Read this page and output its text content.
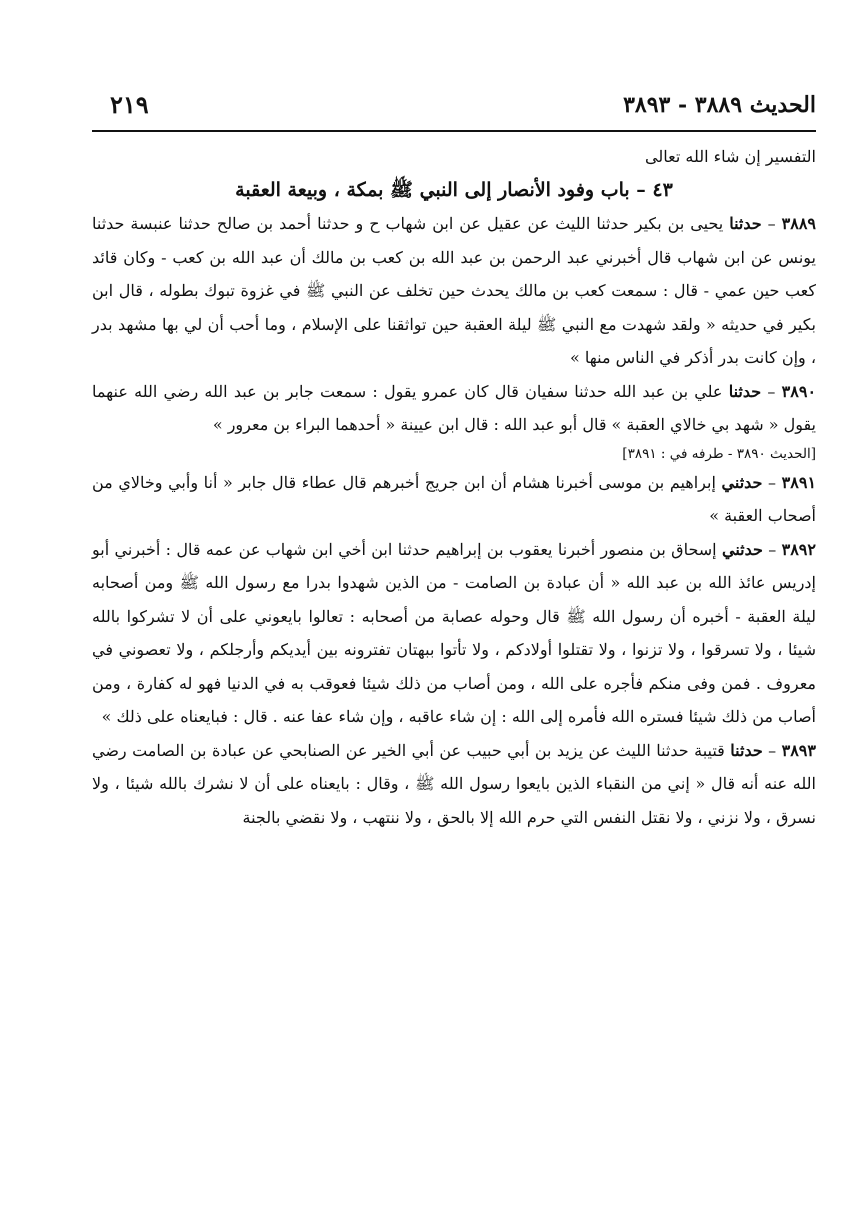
الحديث ٣٨٨٩ - ٣٨٩٣
٢١٩

التفسير إن شاء الله تعالى

٤٣ – باب وفود الأنصار إلى النبي ﷺ بمكة ، وبيعة العقبة

٣٨٨٩ – حدثنا يحيى بن بكير حدثنا الليث عن عقيل عن ابن شهاب ح و حدثنا أحمد بن صالح حدثنا عنبسة حدثنا يونس عن ابن شهاب قال أخبرني عبد الرحمن بن عبد الله بن كعب بن مالك أن عبد الله بن كعب - وكان قائد كعب حين عمي - قال : سمعت كعب بن مالك يحدث حين تخلف عن النبي ﷺ في غزوة تبوك بطوله ، قال ابن بكير في حديثه « ولقد شهدت مع النبي ﷺ ليلة العقبة حين تواثقنا على الإسلام ، وما أحب أن لي بها مشهد بدر ، وإن كانت بدر أذكر في الناس منها »

٣٨٩٠ – حدثنا علي بن عبد الله حدثنا سفيان قال كان عمرو يقول : سمعت جابر بن عبد الله رضي الله عنهما يقول « شهد بي خالاي العقبة » قال أبو عبد الله : قال ابن عيينة « أحدهما البراء بن معرور »

[الحديث ٣٨٩٠ - طرفه في : ٣٨٩١]

٣٨٩١ – حدثني إبراهيم بن موسى أخبرنا هشام أن ابن جريج أخبرهم قال عطاء قال جابر « أنا وأبي وخالاي من أصحاب العقبة »

٣٨٩٢ – حدثني إسحاق بن منصور أخبرنا يعقوب بن إبراهيم حدثنا ابن أخي ابن شهاب عن عمه قال : أخبرني أبو إدريس عائذ الله بن عبد الله « أن عبادة بن الصامت - من الذين شهدوا بدرا مع رسول الله ﷺ ومن أصحابه ليلة العقبة - أخبره أن رسول الله ﷺ قال وحوله عصابة من أصحابه : تعالوا بايعوني على أن لا تشركوا بالله شيئا ، ولا تسرقوا ، ولا تزنوا ، ولا تقتلوا أولادكم ، ولا تأتوا ببهتان تفترونه بين أيديكم وأرجلكم ، ولا تعصوني في معروف . فمن وفى منكم فأجره على الله ، ومن أصاب من ذلك شيئا فعوقب به في الدنيا فهو له كفارة ، ومن أصاب من ذلك شيئا فستره الله فأمره إلى الله : إن شاء عاقبه ، وإن شاء عفا عنه . قال : فبايعناه على ذلك »

٣٨٩٣ – حدثنا قتيبة حدثنا الليث عن يزيد بن أبي حبيب عن أبي الخير عن الصنابحي عن عبادة بن الصامت رضي الله عنه أنه قال « إني من النقباء الذين بايعوا رسول الله ﷺ ، وقال : بايعناه على أن لا نشرك بالله شيئا ، ولا نسرق ، ولا نزني ، ولا نقتل النفس التي حرم الله إلا بالحق ، ولا ننتهب ، ولا نقضي بالجنة
